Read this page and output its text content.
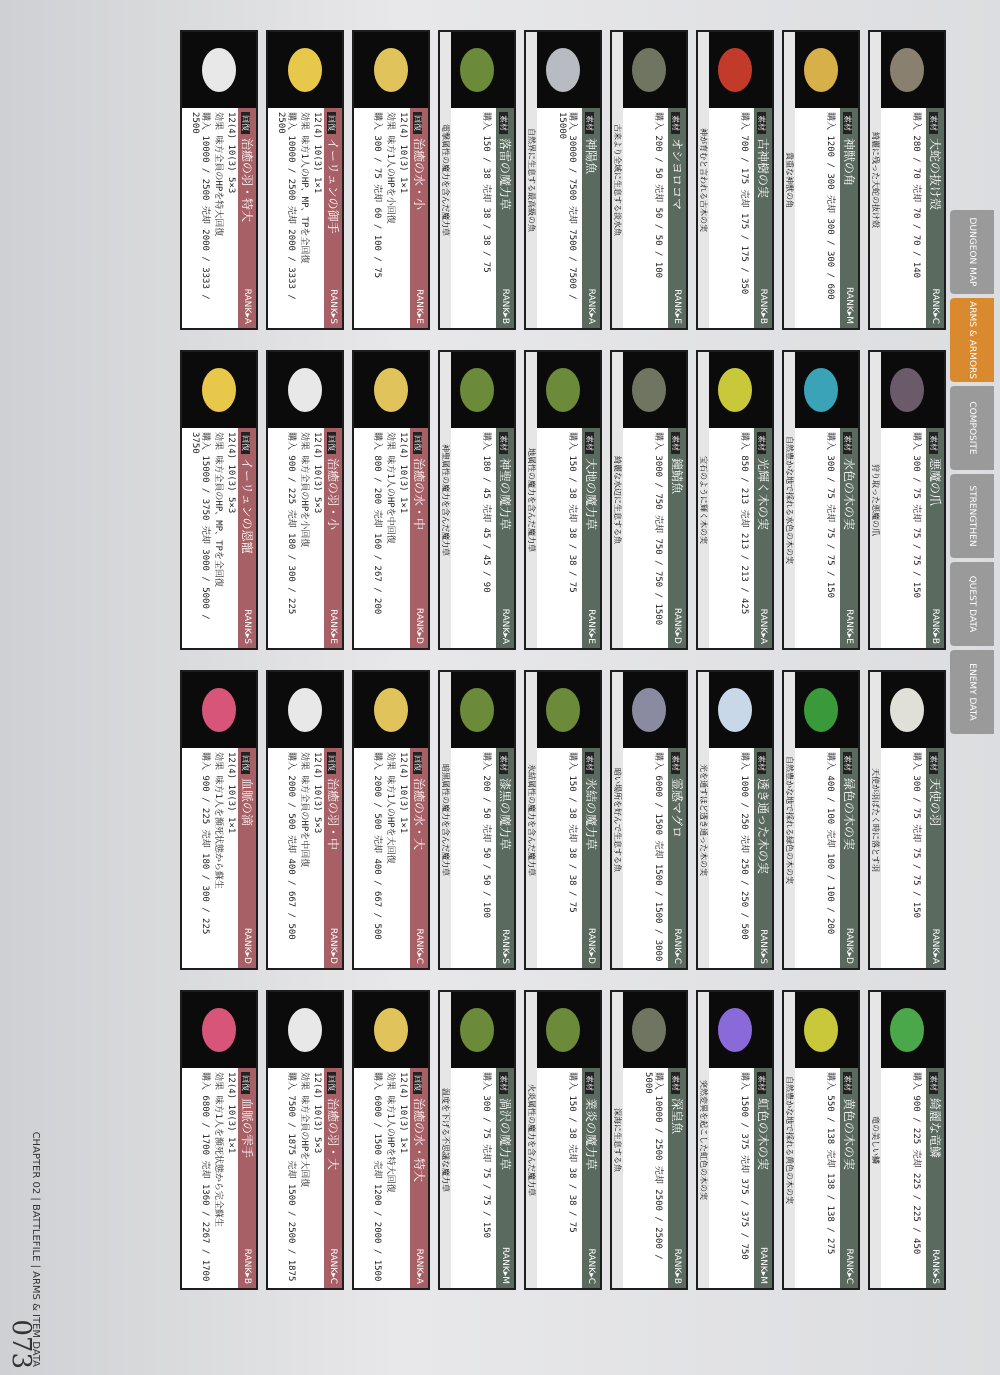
DUNGEON MAP
ARMS & ARMORS
COMPOSITE
STRENGTHEN
QUEST DATA
ENEMY DATA
素材大蛇の抜け殻
RANK▸C
購入 280 / 70 売却 70 / 70 / 140
綺麗に残った大蛇の抜け殻
素材神獣の角
RANK▸M
購入 1200 / 300 売却 300 / 300 / 600
貴重な神獣の角
素材古神樹の実
RANK▸B
購入 700 / 175 売却 175 / 175 / 350
神が育むと言われる古木の実
素材オシヨロコマ
RANK▸E
購入 200 / 50 売却 50 / 50 / 100
古来より全域に生息する淡水魚
素材神陽魚
RANK▸A
購入 30000 / 7500 売却 7500 / 7500 / 15000
自然界に生息する最高級の魚
素材落雷の魔力草
RANK▸B
購入 150 / 38 売却 38 / 38 / 75
電撃属性の魔力を含んだ魔力草
回復治癒の水・小
RANK▸E
12(4) 10(3) 1×1
効果 味方1人のHPを小回復
購入 300 / 75 売却 60 / 100 / 75
回復イーリュンの御手
RANK▸S
12(4) 10(3) 1×1
効果 味方1人のHP、MP、TPを全回復
購入 10000 / 2500 売却 2000 / 3333 / 2500
回復治癒の羽・特大
RANK▸A
12(4) 10(3) 5×3
効果 味方全員のHPを特大回復
購入 10000 / 2500 売却 2000 / 3333 / 2500
素材悪魔の爪
RANK▸B
購入 300 / 75 売却 75 / 75 / 150
狩り取った悪魔の爪
素材水色の木の実
RANK▸E
購入 300 / 75 売却 75 / 75 / 150
自然豊かな地で採れる水色の木の実
素材光輝く木の実
RANK▸A
購入 850 / 213 売却 213 / 213 / 425
宝石のように輝く木の実
素材鐘鯖魚
RANK▸D
購入 3000 / 750 売却 750 / 750 / 1500
綺麗な水辺に生息する魚
素材大地の魔力草
RANK▸E
購入 150 / 38 売却 38 / 38 / 75
地属性の魔力を含んだ魔力草
素材神聖の魔力草
RANK▸A
購入 180 / 45 売却 45 / 45 / 90
神聖属性の魔力を含んだ魔力草
回復治癒の水・中
RANK▸D
12(4) 10(3) 1×1
効果 味方1人のHPを中回復
購入 800 / 200 売却 160 / 267 / 200
回復治癒の羽・小
RANK▸E
12(4) 10(3) 5×3
効果 味方全員のHPを小回復
購入 900 / 225 売却 180 / 300 / 225
回復イーリュンの恩寵
RANK▸S
12(4) 10(3) 5×3
効果 味方全員のHP、MP、TPを全回復
購入 15000 / 3750 売却 3000 / 5000 / 3750
素材天使の羽
RANK▸A
購入 300 / 75 売却 75 / 75 / 150
天使が羽ばたく時に落とす羽
素材緑色の木の実
RANK▸D
購入 400 / 100 売却 100 / 100 / 200
自然豊かな地で採れる緑色の木の実
素材透き通った木の実
RANK▸S
購入 1000 / 250 売却 250 / 250 / 500
光を通すほど透き通った木の実
素材霊感マグロ
RANK▸C
購入 6000 / 1500 売却 1500 / 1500 / 3000
暗い場所を好んで生息する魚
素材氷結の魔力草
RANK▸D
購入 150 / 38 売却 38 / 38 / 75
氷結属性の魔力を含んだ魔力草
素材漆黒の魔力草
RANK▸S
購入 200 / 50 売却 50 / 50 / 100
暗黒属性の魔力を含んだ魔力草
回復治癒の水・大
RANK▸C
12(4) 10(3) 1×1
効果 味方1人のHPを大回復
購入 2000 / 500 売却 400 / 667 / 500
回復治癒の羽・中
RANK▸D
12(4) 10(3) 5×3
効果 味方全員のHPを中回復
購入 2000 / 500 売却 400 / 667 / 500
回復血脈の滴
RANK▸D
12(4) 10(3) 1×1
効果 味方1人を瀕死状態から蘇生
購入 900 / 225 売却 180 / 300 / 225
素材綺麗な竜鱗
RANK▸S
購入 900 / 225 売却 225 / 225 / 450
竜の美しい鱗
素材黄色の木の実
RANK▸C
購入 550 / 138 売却 138 / 138 / 275
自然豊かな地で採れる黄色の木の実
素材虹色の木の実
RANK▸M
購入 1500 / 375 売却 375 / 375 / 750
突然変異を起こした虹色の木の実
素材深皇魚
RANK▸B
購入 10000 / 2500 売却 2500 / 2500 / 5000
深海に生息する魚
素材業炎の魔力草
RANK▸C
購入 150 / 38 売却 38 / 38 / 75
火炎属性の魔力を含んだ魔力草
素材渦沢の魔力草
RANK▸M
購入 300 / 75 売却 75 / 75 / 150
温度を下げる不思議な魔力草
回復治癒の水・特大
RANK▸A
12(4) 10(3) 1×1
効果 味方1人のHPを特大回復
購入 6000 / 1500 売却 1200 / 2000 / 1500
回復治癒の羽・大
RANK▸C
12(4) 10(3) 5×3
効果 味方全員のHPを大回復
購入 7500 / 1875 売却 1500 / 2500 / 1875
回復血脈の雫手
RANK▸B
12(4) 10(3) 1×1
効果 味方1人を瀕死状態から完全蘇生
購入 6800 / 1700 売却 1360 / 2267 / 1700
CHAPTER 02 | BATTLEFILE | ARMS & ITEM DATA
073
